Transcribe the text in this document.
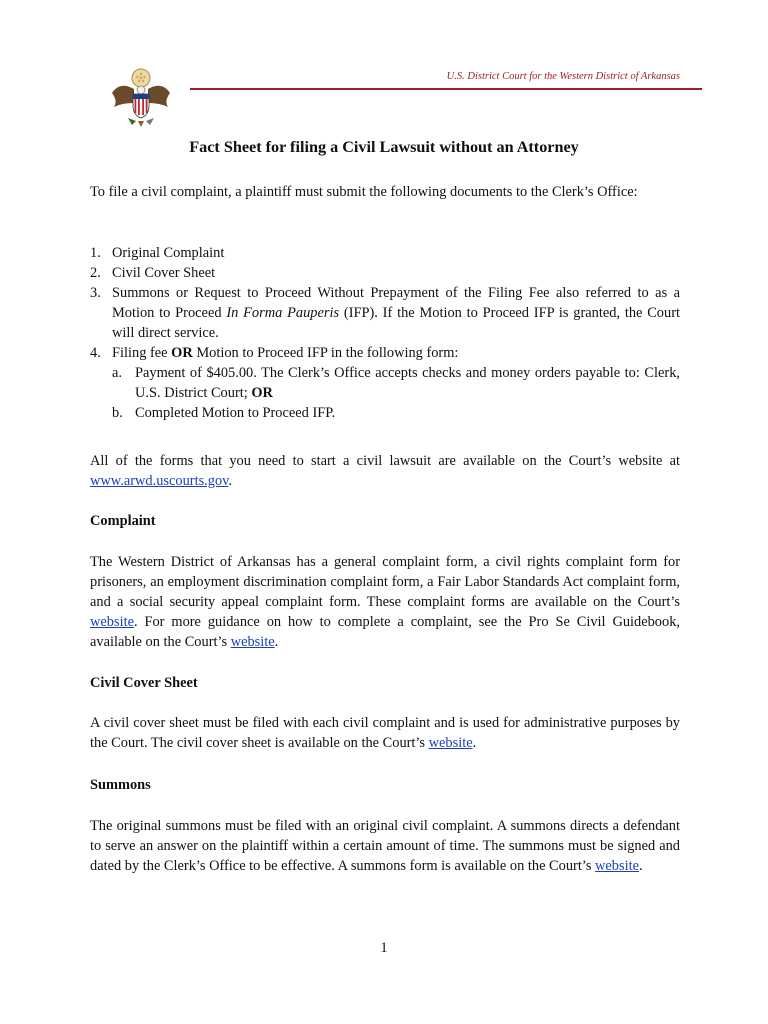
U.S. District Court for the Western District of Arkansas
Fact Sheet for filing a Civil Lawsuit without an Attorney

To file a civil complaint, a plaintiff must submit the following documents to the Clerk’s Office:

1. Original Complaint
2. Civil Cover Sheet
3. Summons or Request to Proceed Without Prepayment of the Filing Fee also referred to as a Motion to Proceed In Forma Pauperis (IFP). If the Motion to Proceed IFP is granted, the Court will direct service.
4. Filing fee OR Motion to Proceed IFP in the following form:
a. Payment of $405.00. The Clerk’s Office accepts checks and money orders payable to: Clerk, U.S. District Court; OR
b. Completed Motion to Proceed IFP.

All of the forms that you need to start a civil lawsuit are available on the Court’s website at www.arwd.uscourts.gov.

Complaint

The Western District of Arkansas has a general complaint form, a civil rights complaint form for prisoners, an employment discrimination complaint form, a Fair Labor Standards Act complaint form, and a social security appeal complaint form. These complaint forms are available on the Court’s website. For more guidance on how to complete a complaint, see the Pro Se Civil Guidebook, available on the Court’s website.

Civil Cover Sheet

A civil cover sheet must be filed with each civil complaint and is used for administrative purposes by the Court. The civil cover sheet is available on the Court’s website.

Summons

The original summons must be filed with an original civil complaint. A summons directs a defendant to serve an answer on the plaintiff within a certain amount of time. The summons must be signed and dated by the Clerk’s Office to be effective. A summons form is available on the Court’s website.

1
